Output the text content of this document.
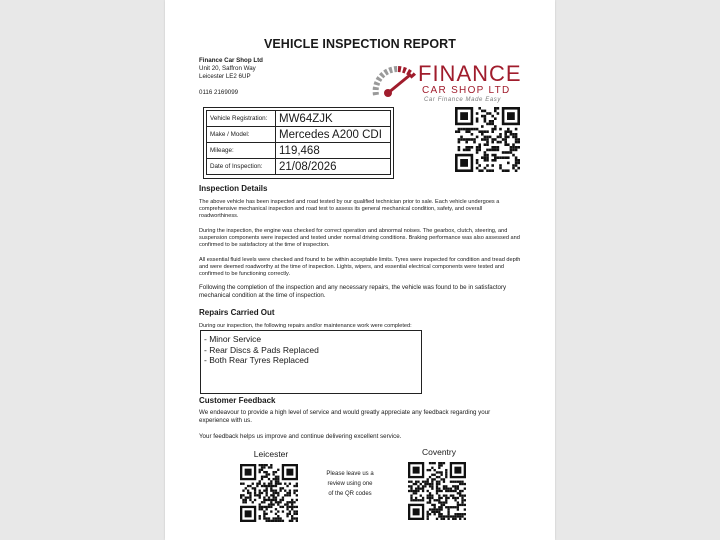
VEHICLE INSPECTION REPORT
Finance Car Shop Ltd
Unit 20, Saffron Way
Leicester LE2 6UP
0116 2169099
FINANCE
CAR SHOP LTD
Car Finance Made Easy
Vehicle Registration:	MW64ZJK
Make / Model:	Mercedes A200 CDI
Mileage:	119,468
Date of Inspection:	21/08/2026
Inspection Details
The above vehicle has been inspected and road tested by our qualified technician prior to sale. Each vehicle undergoes a comprehensive mechanical inspection and road test to assess its general mechanical condition, safety, and overall roadworthiness.
During the inspection, the engine was checked for correct operation and abnormal noises. The gearbox, clutch, steering, and suspension components were inspected and tested under normal driving conditions. Braking performance was also assessed and confirmed to be satisfactory at the time of inspection.
All essential fluid levels were checked and found to be within acceptable limits. Tyres were inspected for condition and tread depth and were deemed roadworthy at the time of inspection. Lights, wipers, and essential electrical components were tested and confirmed to be functioning correctly.
Following the completion of the inspection and any necessary repairs, the vehicle was found to be in satisfactory mechanical condition at the time of inspection.
Repairs Carried Out
During our inspection, the following repairs and/or maintenance work were completed:
- Minor Service
- Rear Discs & Pads Replaced
- Both Rear Tyres Replaced
Customer Feedback
We endeavour to provide a high level of service and would greatly appreciate any feedback regarding your experience with us.
Your feedback helps us improve and continue delivering excellent service.
Leicester	Coventry
Please leave us a
review using one
of the QR codes
